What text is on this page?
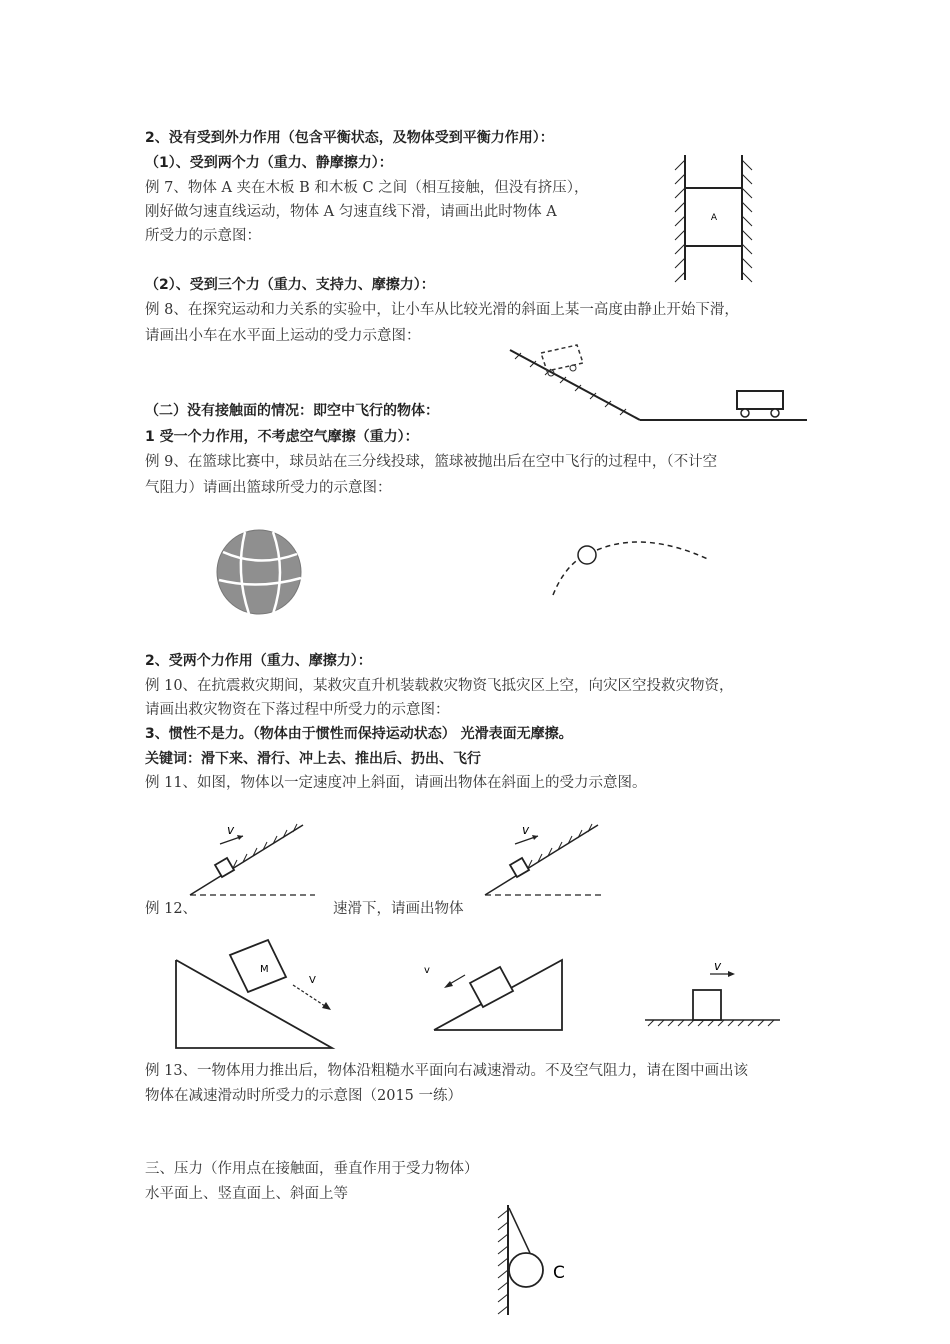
2、没有受到外力作用（包含平衡状态，及物体受到平衡力作用）：
（1）、受到两个力（重力、静摩擦力）：
例 7、物体 A 夹在木板 B 和木板 C 之间（相互接触，但没有挤压），
刚好做匀速直线运动，物体 A 匀速直线下滑，请画出此时物体 A
所受力的示意图：
A
（2）、受到三个力（重力、支持力、摩擦力）：
例 8、在探究运动和力关系的实验中，让小车从比较光滑的斜面上某一高度由静止开始下滑，
请画出小车在水平面上运动的受力示意图：
（二）没有接触面的情况：即空中飞行的物体：
1 受一个力作用，不考虑空气摩擦（重力）：
例 9、在篮球比赛中，球员站在三分线投球，篮球被抛出后在空中飞行的过程中，（不计空
气阻力）请画出篮球所受力的示意图：
2、受两个力作用（重力、摩擦力）：
例 10、在抗震救灾期间，某救灾直升机装载救灾物资飞抵灾区上空，向灾区空投救灾物资，
请画出救灾物资在下落过程中所受力的示意图：
3、惯性不是力。（物体由于惯性而保持运动状态） 光滑表面无摩擦。
关键词：滑下来、滑行、冲上去、推出后、扔出、飞行
例 11、如图，物体以一定速度冲上斜面，请画出物体在斜面上的受力示意图。
v	v
例 12、	速滑下，请画出物体
M
V
v	v
例 13、一物体用力推出后，物体沿粗糙水平面向右减速滑动。不及空气阻力，请在图中画出该
物体在减速滑动时所受力的示意图（2015 一练）
三、压力（作用点在接触面，垂直作用于受力物体）
水平面上、竖直面上、斜面上等
C
